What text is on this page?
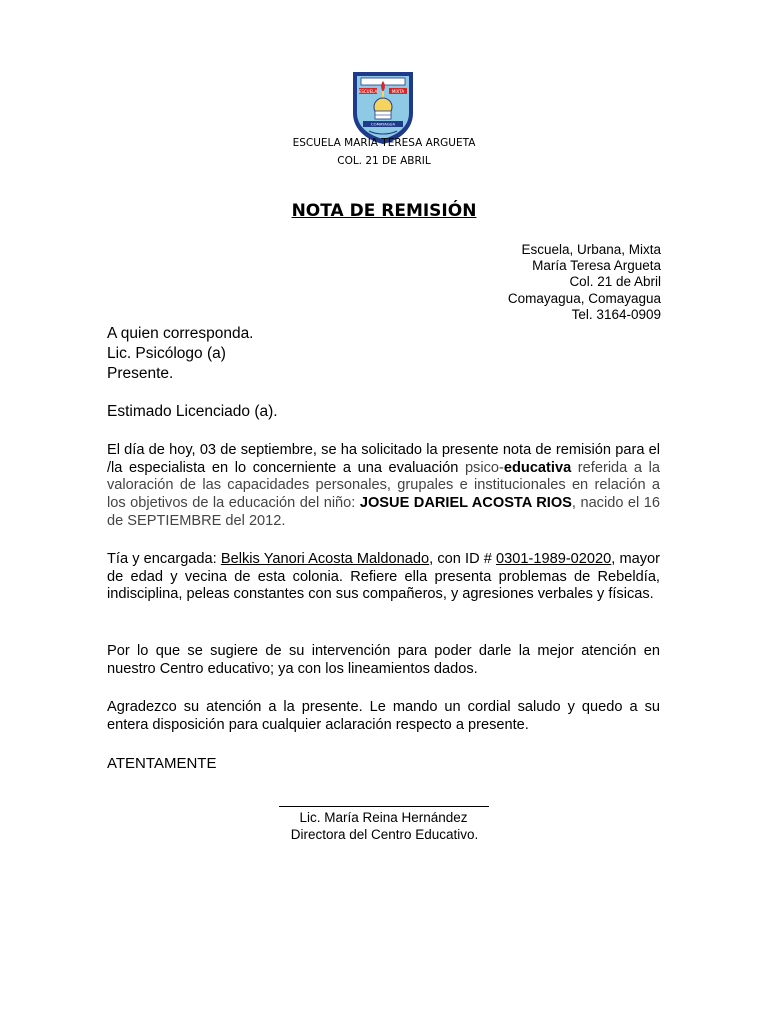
ESCUELA	MIXTA
COMAYAGUA
ESCUELA MARIA TERESA ARGUETA
COL. 21 DE ABRIL
NOTA DE REMISIÓN
Escuela, Urbana, Mixta
María Teresa Argueta
Col. 21 de Abril
Comayagua, Comayagua
Tel. 3164-0909
A quien corresponda.
Lic. Psicólogo (a)
Presente.
Estimado Licenciado (a).
El día de hoy, 03 de septiembre, se ha solicitado la presente nota de remisión para el /la especialista en lo concerniente a una evaluación psico-educativa referida a la valoración de las capacidades personales, grupales e institucionales en relación a los objetivos de la educación del niño: JOSUE DARIEL ACOSTA RIOS, nacido el 16 de SEPTIEMBRE del 2012.
Tía y encargada: Belkis Yanori Acosta Maldonado, con ID # 0301-1989-02020, mayor de edad y vecina de esta colonia. Refiere ella presenta problemas de Rebeldía, indisciplina, peleas constantes con sus compañeros, y agresiones verbales y físicas.
Por lo que se sugiere de su intervención para poder darle la mejor atención en nuestro Centro educativo; ya con los lineamientos dados.
Agradezco su atención a la presente. Le mando un cordial saludo y quedo a su entera disposición para cualquier aclaración respecto a presente.
ATENTAMENTE
Lic. María Reina Hernández
Directora del Centro Educativo.
